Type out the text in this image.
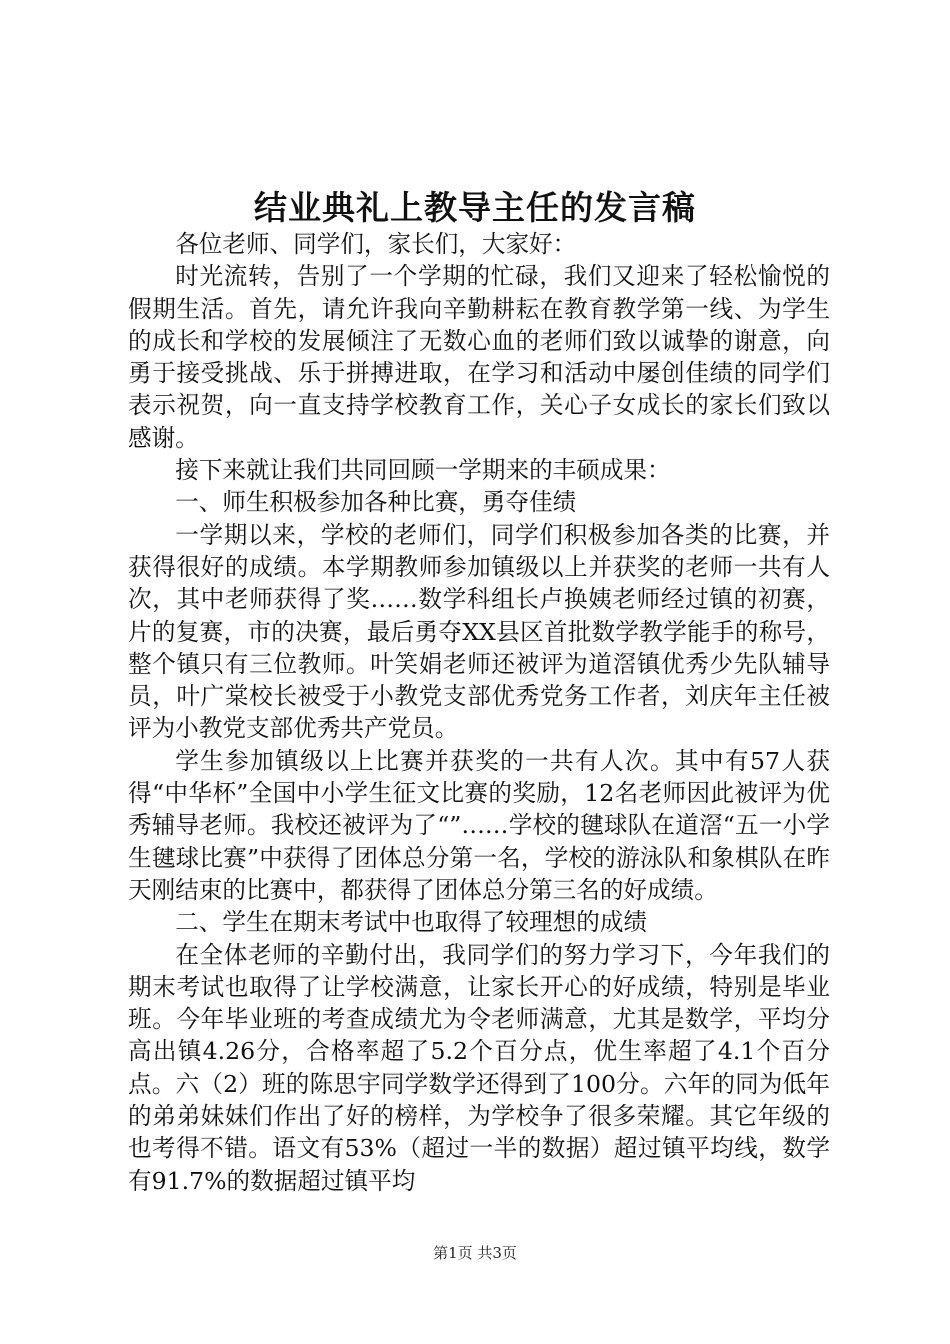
结业典礼上教导主任的发言稿

各位老师、同学们，家长们，大家好：

时光流转，告别了一个学期的忙碌，我们又迎来了轻松愉悦的假期生活。首先，请允许我向辛勤耕耘在教育教学第一线、为学生的成长和学校的发展倾注了无数心血的老师们致以诚挚的谢意，向勇于接受挑战、乐于拼搏进取，在学习和活动中屡创佳绩的同学们表示祝贺，向一直支持学校教育工作，关心子女成长的家长们致以感谢。

接下来就让我们共同回顾一学期来的丰硕成果：

一、师生积极参加各种比赛，勇夺佳绩

一学期以来，学校的老师们，同学们积极参加各类的比赛，并获得很好的成绩。本学期教师参加镇级以上并获奖的老师一共有人次，其中老师获得了奖……数学科组长卢换姨老师经过镇的初赛，片的复赛，市的决赛，最后勇夺XX县区首批数学教学能手的称号，整个镇只有三位教师。叶笑娟老师还被评为道滘镇优秀少先队辅导员，叶广棠校长被受于小教党支部优秀党务工作者，刘庆年主任被评为小教党支部优秀共产党员。

学生参加镇级以上比赛并获奖的一共有人次。其中有57人获得“中华杯”全国中小学生征文比赛的奖励，12名老师因此被评为优秀辅导老师。我校还被评为了“”……学校的毽球队在道滘“五一小学生毽球比赛”中获得了团体总分第一名，学校的游泳队和象棋队在昨天刚结束的比赛中，都获得了团体总分第三名的好成绩。

二、学生在期末考试中也取得了较理想的成绩

在全体老师的辛勤付出，我同学们的努力学习下，今年我们的期末考试也取得了让学校满意，让家长开心的好成绩，特别是毕业班。今年毕业班的考查成绩尤为令老师满意，尤其是数学，平均分高出镇4.26分，合格率超了5.2个百分点，优生率超了4.1个百分点。六（2）班的陈思宇同学数学还得到了100分。六年的同为低年的弟弟妹妹们作出了好的榜样，为学校争了很多荣耀。其它年级的也考得不错。语文有53%（超过一半的数据）超过镇平均线，数学有91.7%的数据超过镇平均

第1页 共3页
